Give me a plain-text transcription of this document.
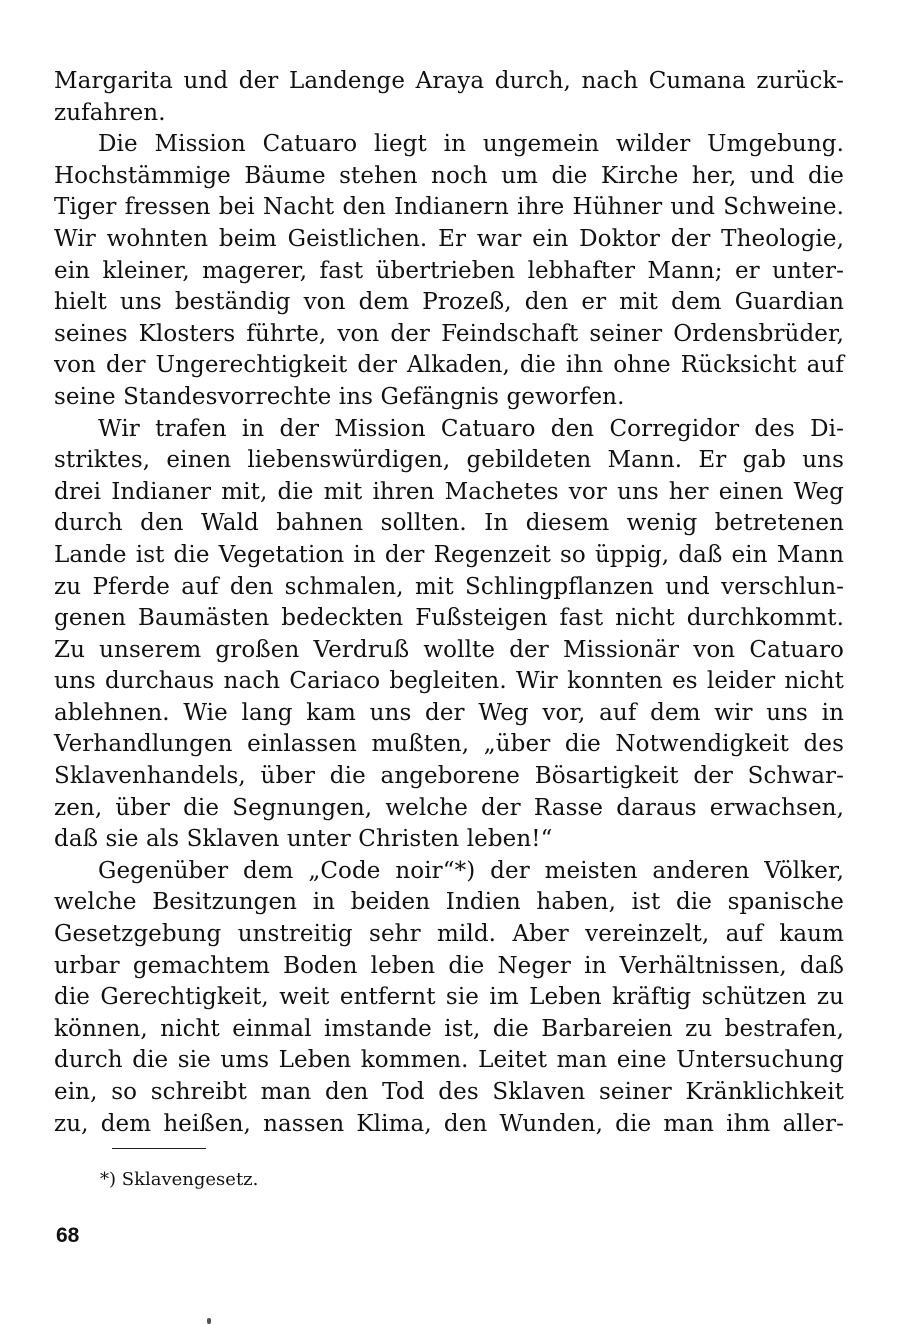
Margarita und der Landenge Araya durch, nach Cumana zurück-
zufahren.
Die Mission Catuaro liegt in ungemein wilder Umgebung.
Hochstämmige Bäume stehen noch um die Kirche her, und die
Tiger fressen bei Nacht den Indianern ihre Hühner und Schweine.
Wir wohnten beim Geistlichen. Er war ein Doktor der Theologie,
ein kleiner, magerer, fast übertrieben lebhafter Mann; er unter-
hielt uns beständig von dem Prozeß, den er mit dem Guardian
seines Klosters führte, von der Feindschaft seiner Ordensbrüder,
von der Ungerechtigkeit der Alkaden, die ihn ohne Rücksicht auf
seine Standesvorrechte ins Gefängnis geworfen.
Wir trafen in der Mission Catuaro den Corregidor des Di-
striktes, einen liebenswürdigen, gebildeten Mann. Er gab uns
drei Indianer mit, die mit ihren Machetes vor uns her einen Weg
durch den Wald bahnen sollten. In diesem wenig betretenen
Lande ist die Vegetation in der Regenzeit so üppig, daß ein Mann
zu Pferde auf den schmalen, mit Schlingpflanzen und verschlun-
genen Baumästen bedeckten Fußsteigen fast nicht durchkommt.
Zu unserem großen Verdruß wollte der Missionär von Catuaro
uns durchaus nach Cariaco begleiten. Wir konnten es leider nicht
ablehnen. Wie lang kam uns der Weg vor, auf dem wir uns in
Verhandlungen einlassen mußten, „über die Notwendigkeit des
Sklavenhandels, über die angeborene Bösartigkeit der Schwar-
zen, über die Segnungen, welche der Rasse daraus erwachsen,
daß sie als Sklaven unter Christen leben!“
Gegenüber dem „Code noir“*) der meisten anderen Völker,
welche Besitzungen in beiden Indien haben, ist die spanische
Gesetzgebung unstreitig sehr mild. Aber vereinzelt, auf kaum
urbar gemachtem Boden leben die Neger in Verhältnissen, daß
die Gerechtigkeit, weit entfernt sie im Leben kräftig schützen zu
können, nicht einmal imstande ist, die Barbareien zu bestrafen,
durch die sie ums Leben kommen. Leitet man eine Untersuchung
ein, so schreibt man den Tod des Sklaven seiner Kränklichkeit
zu, dem heißen, nassen Klima, den Wunden, die man ihm aller-
*) Sklavengesetz.
68
